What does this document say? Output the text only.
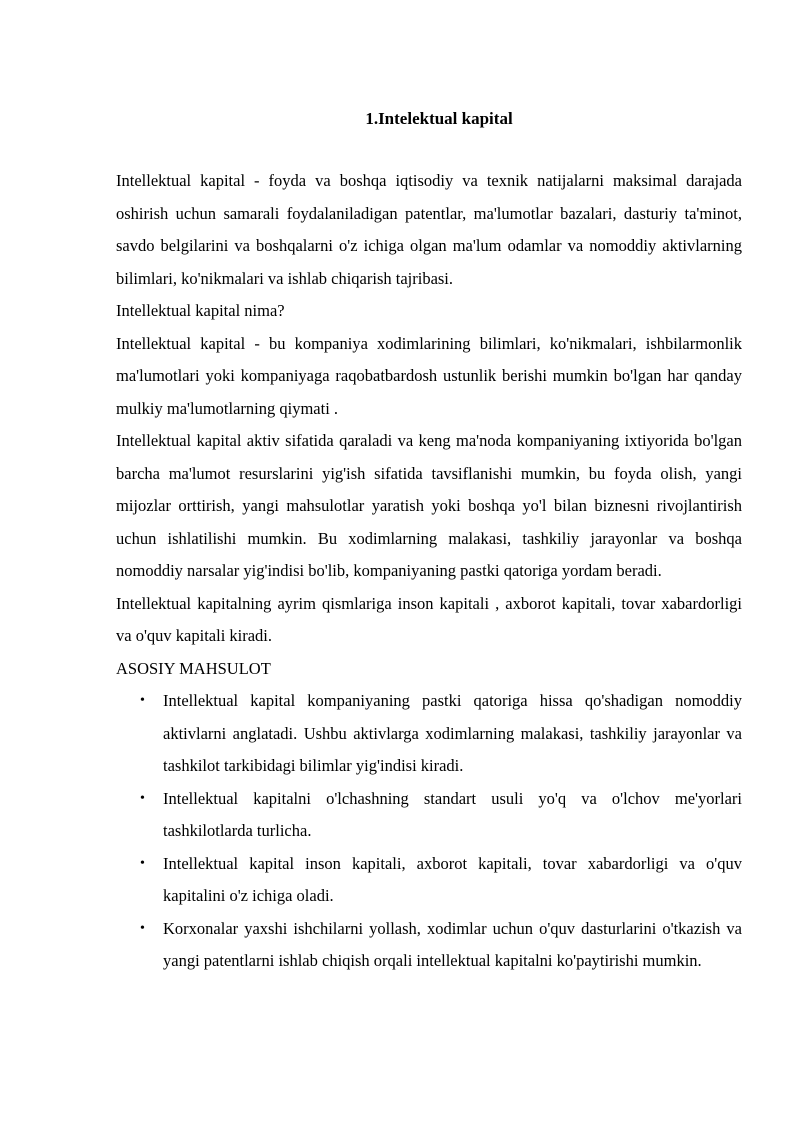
1.Intelektual kapital

Intellektual kapital - foyda va boshqa iqtisodiy va texnik natijalarni maksimal darajada oshirish uchun samarali foydalaniladigan patentlar, ma'lumotlar bazalari, dasturiy ta'minot, savdo belgilarini va boshqalarni o'z ichiga olgan ma'lum odamlar va nomoddiy aktivlarning bilimlari, ko'nikmalari va ishlab chiqarish tajribasi.

Intellektual kapital nima?

Intellektual kapital - bu kompaniya xodimlarining bilimlari, ko'nikmalari, ishbilarmonlik ma'lumotlari yoki kompaniyaga raqobatbardosh ustunlik berishi mumkin bo'lgan har qanday mulkiy ma'lumotlarning qiymati .

Intellektual kapital aktiv sifatida qaraladi va keng ma'noda kompaniyaning ixtiyorida bo'lgan barcha ma'lumot resurslarini yig'ish sifatida tavsiflanishi mumkin, bu foyda olish, yangi mijozlar orttirish, yangi mahsulotlar yaratish yoki boshqa yo'l bilan biznesni rivojlantirish uchun ishlatilishi mumkin. Bu xodimlarning malakasi, tashkiliy jarayonlar va boshqa nomoddiy narsalar yig'indisi bo'lib, kompaniyaning pastki qatoriga yordam beradi.

Intellektual kapitalning ayrim qismlariga inson kapitali , axborot kapitali, tovar xabardorligi va o'quv kapitali kiradi.

ASOSIY MAHSULOT

• Intellektual kapital kompaniyaning pastki qatoriga hissa qo'shadigan nomoddiy aktivlarni anglatadi. Ushbu aktivlarga xodimlarning malakasi, tashkiliy jarayonlar va tashkilot tarkibidagi bilimlar yig'indisi kiradi.
• Intellektual kapitalni o'lchashning standart usuli yo'q va o'lchov me'yorlari tashkilotlarda turlicha.
• Intellektual kapital inson kapitali, axborot kapitali, tovar xabardorligi va o'quv kapitalini o'z ichiga oladi.
• Korxonalar yaxshi ishchilarni yollash, xodimlar uchun o'quv dasturlarini o'tkazish va yangi patentlarni ishlab chiqish orqali intellektual kapitalni ko'paytirishi mumkin.
